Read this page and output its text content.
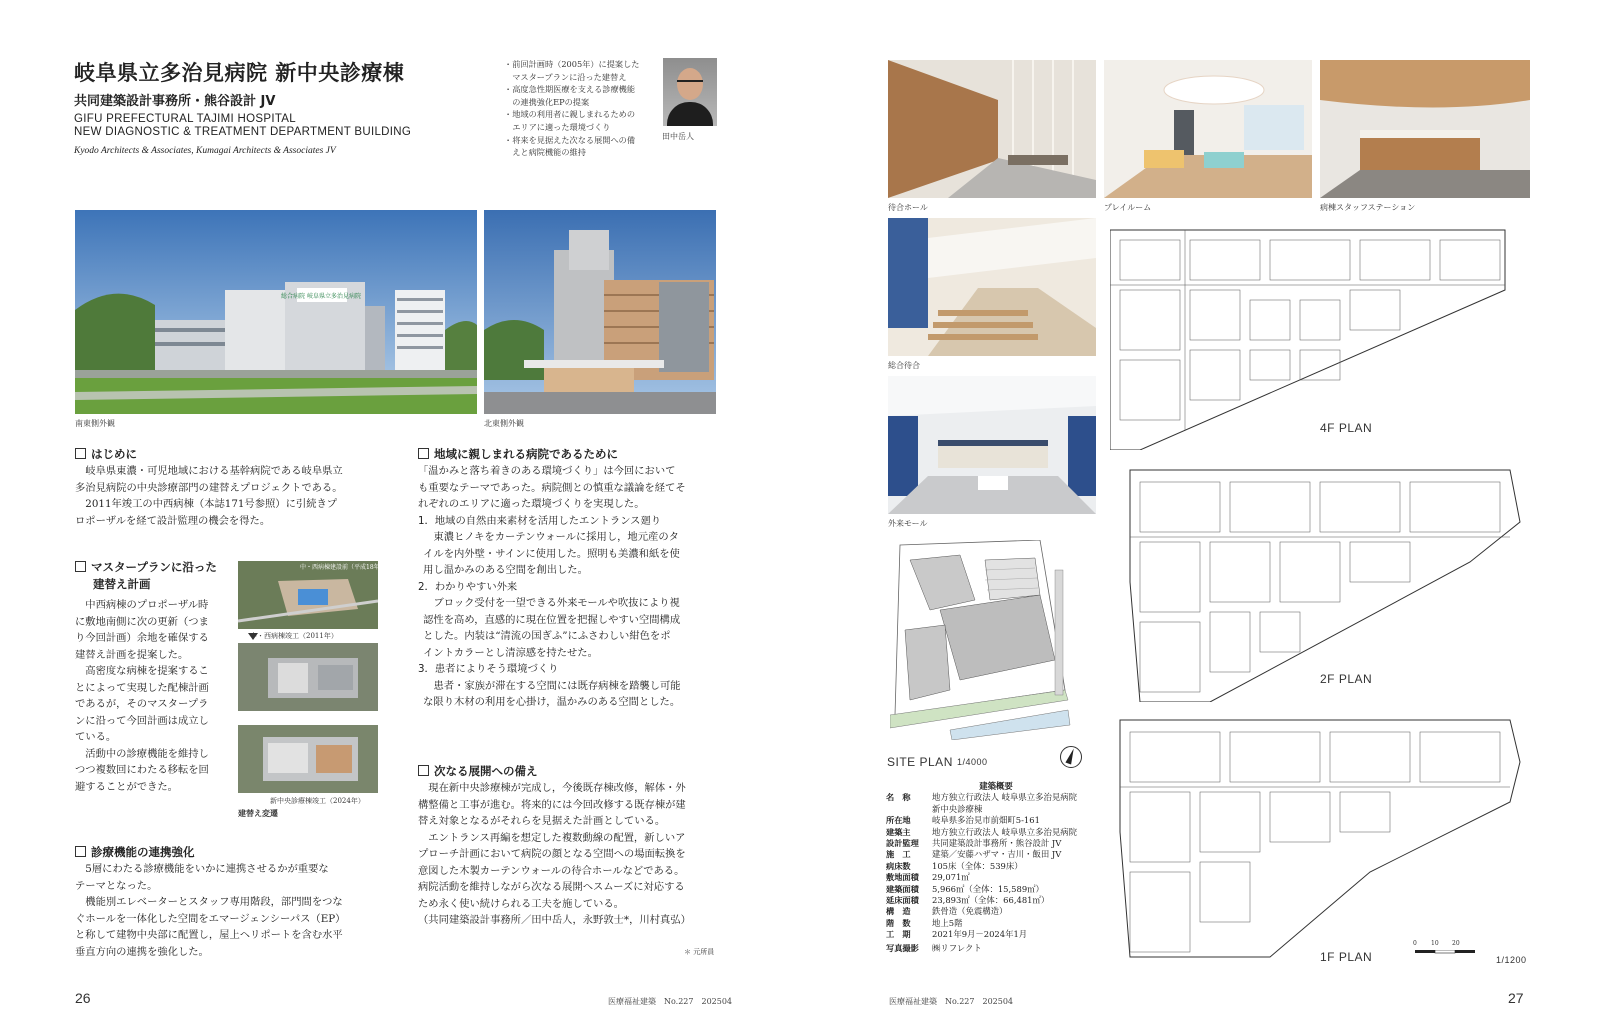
岐阜県立多治見病院 新中央診療棟
共同建築設計事務所・熊谷設計 JV
GIFU PREFECTURAL TAJIMI HOSPITAL
NEW DIAGNOSTIC & TREATMENT DEPARTMENT BUILDING
Kyodo Architects & Associates, Kumagai Architects & Associates JV
・前回計画時（2005年）に提案した
　マスタープランに沿った建替え
・高度急性期医療を支える診療機能
　の連携強化EPの提案
・地域の利用者に親しまれるための
　エリアに適った環境づくり
・将来を見据えた次なる展開への備
　えと病院機能の維持
田中岳人
総合病院 岐阜県立多治見病院
南東側外観	北東側外観
はじめに
岐阜県東濃・可児地域における基幹病院である岐阜県立
多治見病院の中央診療部門の建替えプロジェクトである。
2011年竣工の中西病棟（本誌171号参照）に引続きプ
ロポーザルを経て設計監理の機会を得た。
マスタープランに沿った
建替え計画
中西病棟のプロポーザル時
に敷地南側に次の更新（つま
り今回計画）余地を確保する
建替え計画を提案した。
高密度な病棟を提案するこ
とによって実現した配棟計画
であるが，そのマスタープラ
ンに沿って今回計画は成立し
ている。
活動中の診療機能を維持し
つつ複数回にわたる移転を回
避することができた。
中・西病棟建設前（平成18年当時）
中・西病棟竣工（2011年）
新中央診療棟竣工（2024年）
建替え変遷
診療機能の連携強化
5層にわたる診療機能をいかに連携させるかが重要な
テーマとなった。
機能別エレベーターとスタッフ専用階段，部門間をつな
ぐホールを一体化した空間をエマージェンシーパス（EP）
と称して建物中央部に配置し，屋上ヘリポートを含む水平
垂直方向の連携を強化した。
地域に親しまれる病院であるために
「温かみと落ち着きのある環境づくり」は今回において
も重要なテーマであった。病院側との慎重な議論を経てそ
れぞれのエリアに適った環境づくりを実現した。
1．地域の自然由来素材を活用したエントランス廻り
東濃ヒノキをカーテンウォールに採用し，地元産のタ
イルを内外壁・サインに使用した。照明も美濃和紙を使
用し温かみのある空間を創出した。
2．わかりやすい外来
ブロック受付を一望できる外来モールや吹抜により視
認性を高め，直感的に現在位置を把握しやすい空間構成
とした。内装は“清流の国ぎふ”にふさわしい紺色をポ
イントカラーとし清涼感を持たせた。
3．患者によりそう環境づくり
患者・家族が滞在する空間には既存病棟を踏襲し可能
な限り木材の利用を心掛け，温かみのある空間とした。
次なる展開への備え
現在新中央診療棟が完成し，今後既存棟改修，解体・外
構整備と工事が進む。将来的には今回改修する既存棟が建
替え対象となるがそれらを見据えた計画としている。
エントランス再編を想定した複数動線の配置，新しいア
プローチ計画において病院の顔となる空間への場面転換を
意図した木製カーテンウォールの待合ホールなどである。
病院活動を維持しながら次なる展開へスムーズに対応する
ため永く使い続けられる工夫を施している。
（共同建築設計事務所／田中岳人，永野敦士*，川村真弘）
＊ 元所員
26	医療福祉建築　No.227　202504
待合ホール	プレイルーム	病棟スタッフステーション
総合待合
外来モール
SITE PLAN 1/4000
4F PLAN
2F PLAN
1F PLAN
0 10 20
1/1200
建築概要
名　称	地方独立行政法人 岐阜県立多治見病院
新中央診療棟
所在地	岐阜県多治見市前畑町5-161
建築主	地方独立行政法人 岐阜県立多治見病院
設計監理	共同建築設計事務所・熊谷設計 JV
施　工	建築／安藤ハザマ・吉川・飯田 JV
病床数	105床（全体：539床）
敷地面積	29,071㎡
建築面積	5,966㎡（全体：15,589㎡）
延床面積	23,893㎡（全体：66,481㎡）
構　造	鉄骨造（免震構造）
階　数	地上5階
工　期	2021年9月－2024年1月
写真撮影	㈱リフレクト
医療福祉建築　No.227　202504	27
